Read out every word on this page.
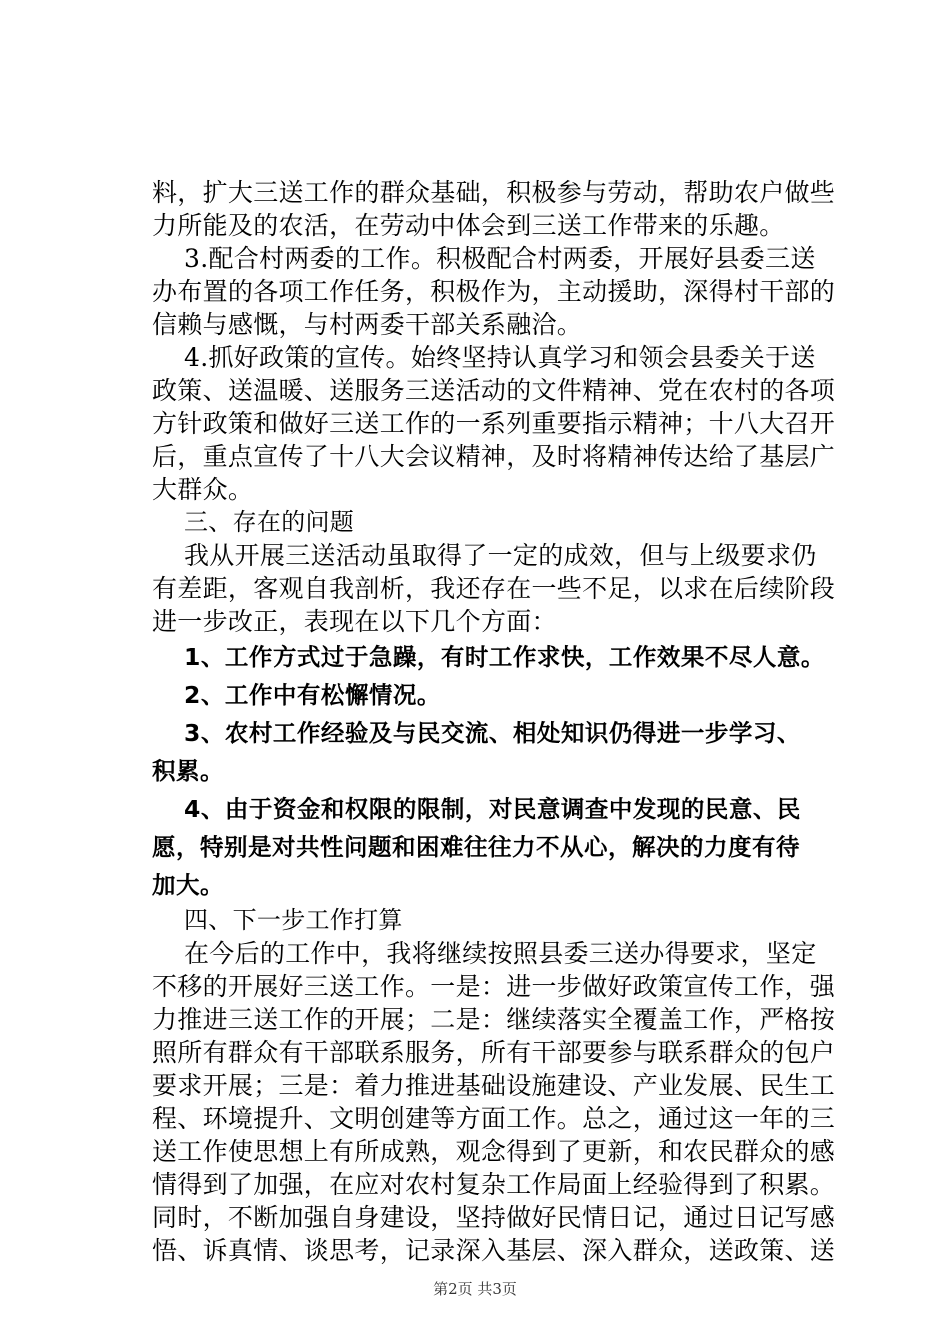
料，扩大三送工作的群众基础，积极参与劳动，帮助农户做些
力所能及的农活，在劳动中体会到三送工作带来的乐趣。
3.配合村两委的工作。积极配合村两委，开展好县委三送
办布置的各项工作任务，积极作为，主动援助，深得村干部的
信赖与感慨，与村两委干部关系融洽。
4.抓好政策的宣传。始终坚持认真学习和领会县委关于送
政策、送温暖、送服务三送活动的文件精神、党在农村的各项
方针政策和做好三送工作的一系列重要指示精神；十八大召开
后，重点宣传了十八大会议精神，及时将精神传达给了基层广
大群众。
三、存在的问题
我从开展三送活动虽取得了一定的成效，但与上级要求仍
有差距，客观自我剖析，我还存在一些不足，以求在后续阶段
进一步改正，表现在以下几个方面：
1、工作方式过于急躁，有时工作求快，工作效果不尽人意。
2、工作中有松懈情况。
3、农村工作经验及与民交流、相处知识仍得进一步学习、
积累。
4、由于资金和权限的限制，对民意调查中发现的民意、民
愿，特别是对共性问题和困难往往力不从心，解决的力度有待
加大。
四、下一步工作打算
在今后的工作中，我将继续按照县委三送办得要求，坚定
不移的开展好三送工作。一是：进一步做好政策宣传工作，强
力推进三送工作的开展；二是：继续落实全覆盖工作，严格按
照所有群众有干部联系服务，所有干部要参与联系群众的包户
要求开展；三是：着力推进基础设施建设、产业发展、民生工
程、环境提升、文明创建等方面工作。总之，通过这一年的三
送工作使思想上有所成熟，观念得到了更新，和农民群众的感
情得到了加强，在应对农村复杂工作局面上经验得到了积累。
同时，不断加强自身建设，坚持做好民情日记，通过日记写感
悟、诉真情、谈思考，记录深入基层、深入群众，送政策、送
第2页 共3页
